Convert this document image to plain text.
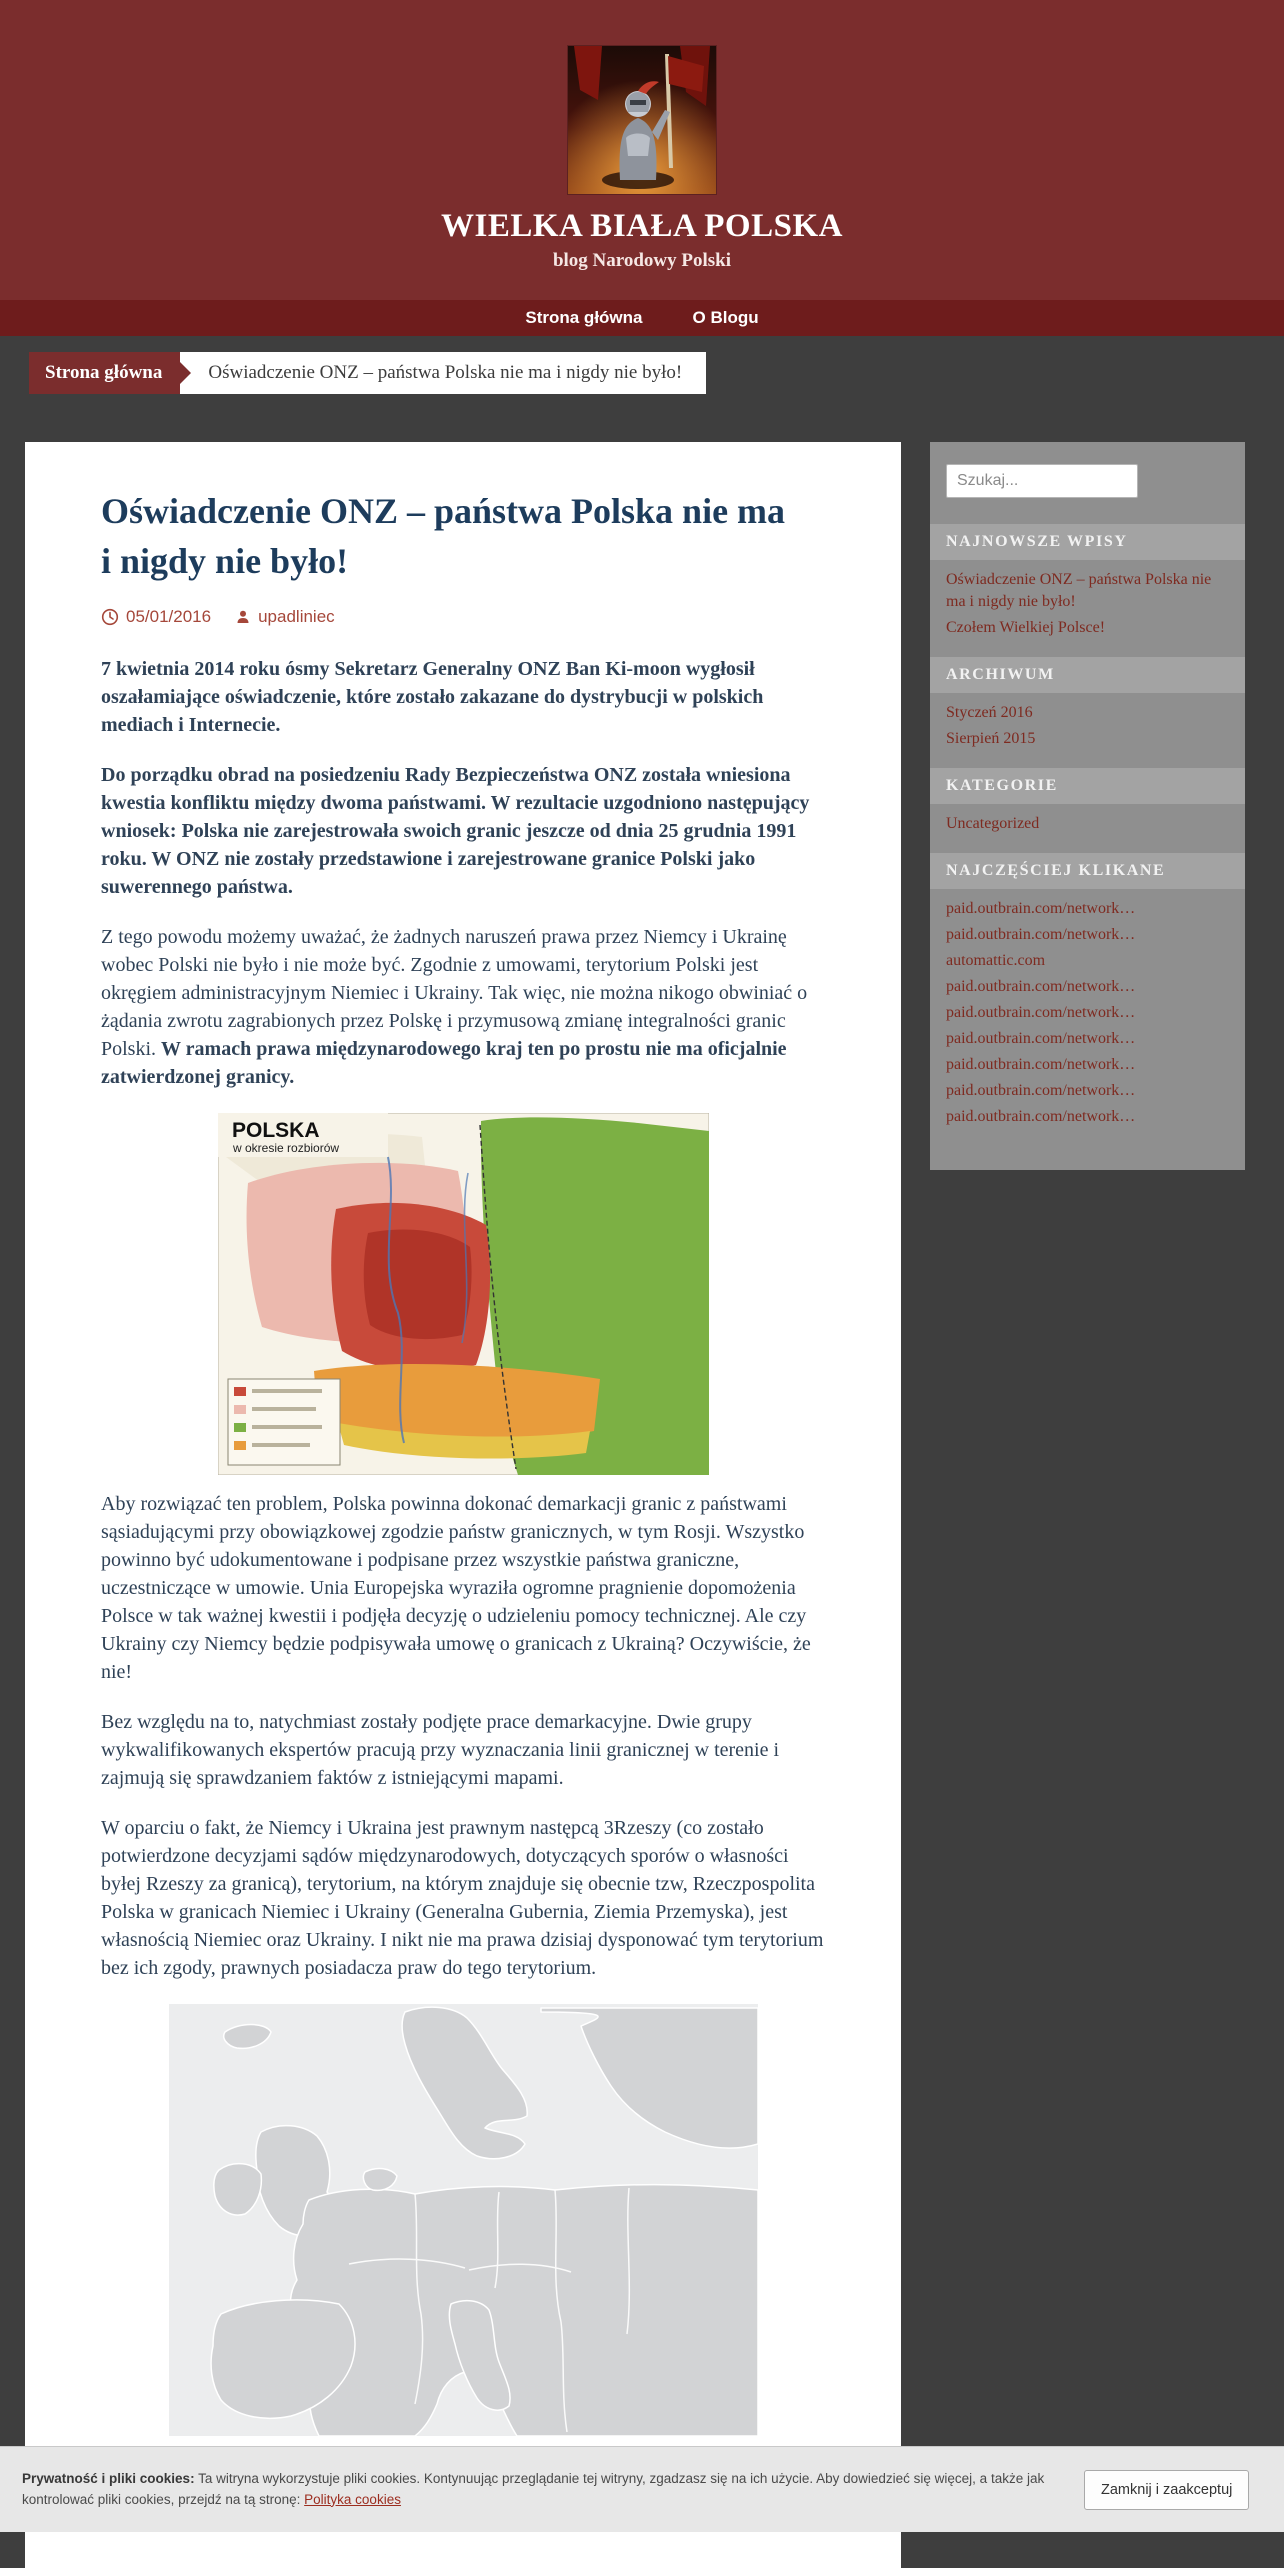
WIELKA BIAŁA POLSKA

blog Narodowy Polski

Strona główna	O Blogu
Strona główna	Oświadczenie ONZ – państwa Polska nie ma i nigdy nie było!
Oświadczenie ONZ – państwa Polska nie ma i nigdy nie było!
05/01/2016	upadliniec

7 kwietnia 2014 roku ósmy Sekretarz Generalny ONZ Ban Ki-moon wygłosił oszałamiające oświadczenie, które zostało zakazane do dystrybucji w polskich mediach i Internecie.

Do porządku obrad na posiedzeniu Rady Bezpieczeństwa ONZ została wniesiona kwestia konfliktu między dwoma państwami. W rezultacie uzgodniono następujący wniosek: Polska nie zarejestrowała swoich granic jeszcze od dnia 25 grudnia 1991 roku. W ONZ nie zostały przedstawione i zarejestrowane granice Polski jako suwerennego państwa.

Z tego powodu możemy uważać, że żadnych naruszeń prawa przez Niemcy i Ukrainę wobec Polski nie było i nie może być. Zgodnie z umowami, terytorium Polski jest okręgiem administracyjnym Niemiec i Ukrainy. Tak więc, nie można nikogo obwiniać o żądania zwrotu zagrabionych przez Polskę i przymusową zmianę integralności granic Polski. W ramach prawa międzynarodowego kraj ten po prostu nie ma oficjalnie zatwierdzonej granicy.

POLSKA
w okresie rozbiorów

Aby rozwiązać ten problem, Polska powinna dokonać demarkacji granic z państwami sąsiadującymi przy obowiązkowej zgodzie państw granicznych, w tym Rosji. Wszystko powinno być udokumentowane i podpisane przez wszystkie państwa graniczne, uczestniczące w umowie. Unia Europejska wyraziła ogromne pragnienie dopomożenia Polsce w tak ważnej kwestii i podjęła decyzję o udzieleniu pomocy technicznej. Ale czy Ukrainy czy Niemcy będzie podpisywała umowę o granicach z Ukrainą? Oczywiście, że nie!

Bez względu na to, natychmiast zostały podjęte prace demarkacyjne. Dwie grupy wykwalifikowanych ekspertów pracują przy wyznaczania linii granicznej w terenie i zajmują się sprawdzaniem faktów z istniejącymi mapami.

W oparciu o fakt, że Niemcy i Ukraina jest prawnym następcą 3Rzeszy (co zostało potwierdzone decyzjami sądów międzynarodowych, dotyczących sporów o własności byłej Rzeszy za granicą), terytorium, na którym znajduje się obecnie tzw, Rzeczpospolita Polska w granicach Niemiec i Ukrainy (Generalna Gubernia, Ziemia Przemyska), jest własnością Niemiec oraz Ukrainy. I nikt nie ma prawa dzisiaj dysponować tym terytorium bez ich zgody, prawnych posiadacza praw do tego terytorium.

Szukaj...
NAJNOWSZE WPISY
Oświadczenie ONZ – państwa Polska nie ma i nigdy nie było!
Czołem Wielkiej Polsce!
ARCHIWUM
Styczeń 2016
Sierpień 2015
KATEGORIE
Uncategorized
NAJCZĘŚCIEJ KLIKANE
paid.outbrain.com/network…
paid.outbrain.com/network…
automattic.com
paid.outbrain.com/network…
paid.outbrain.com/network…
paid.outbrain.com/network…
paid.outbrain.com/network…
paid.outbrain.com/network…
paid.outbrain.com/network…

Prywatność i pliki cookies: Ta witryna wykorzystuje pliki cookies. Kontynuując przeglądanie tej witryny, zgadzasz się na ich użycie. Aby dowiedzieć się więcej, a także jak kontrolować pliki cookies, przejdź na tą stronę: Polityka cookies

Zamknij i zaakceptuj
